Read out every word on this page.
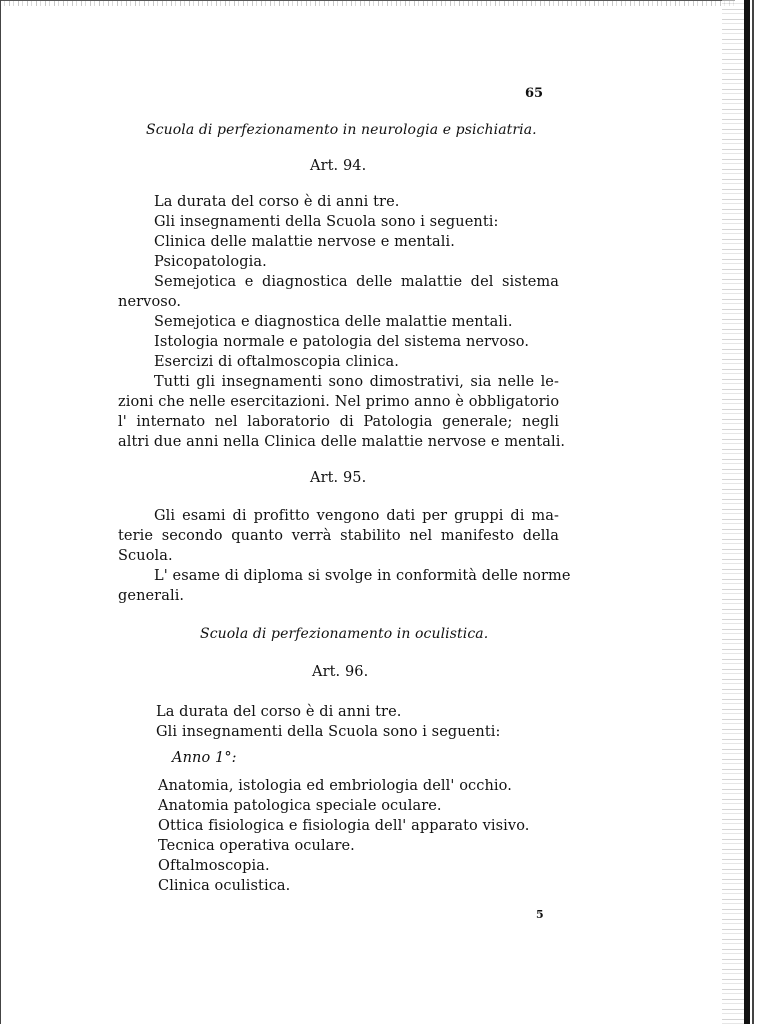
65
Scuola di perfezionamento in neurologia e psichiatria.
Art. 94.
La durata del corso è di anni tre.
Gli insegnamenti della Scuola sono i seguenti:
Clinica delle malattie nervose e mentali.
Psicopatologia.
Semejotica e diagnostica delle malattie del sistema
nervoso.
Semejotica e diagnostica delle malattie mentali.
Istologia normale e patologia del sistema nervoso.
Esercizi di oftalmoscopia clinica.
Tutti gli insegnamenti sono dimostrativi, sia nelle le-
zioni che nelle esercitazioni. Nel primo anno è obbligatorio
l' internato nel laboratorio di Patologia generale; negli
altri due anni nella Clinica delle malattie nervose e mentali.
Art. 95.
Gli esami di profitto vengono dati per gruppi di ma-
terie secondo quanto verrà stabilito nel manifesto della
Scuola.
L' esame di diploma si svolge in conformità delle norme
generali.
Scuola di perfezionamento in oculistica.
Art. 96.
La durata del corso è di anni tre.
Gli insegnamenti della Scuola sono i seguenti:
Anno 1°:
Anatomia, istologia ed embriologia dell' occhio.
Anatomia patologica speciale oculare.
Ottica fisiologica e fisiologia dell' apparato visivo.
Tecnica operativa oculare.
Oftalmoscopia.
Clinica oculistica.
5
